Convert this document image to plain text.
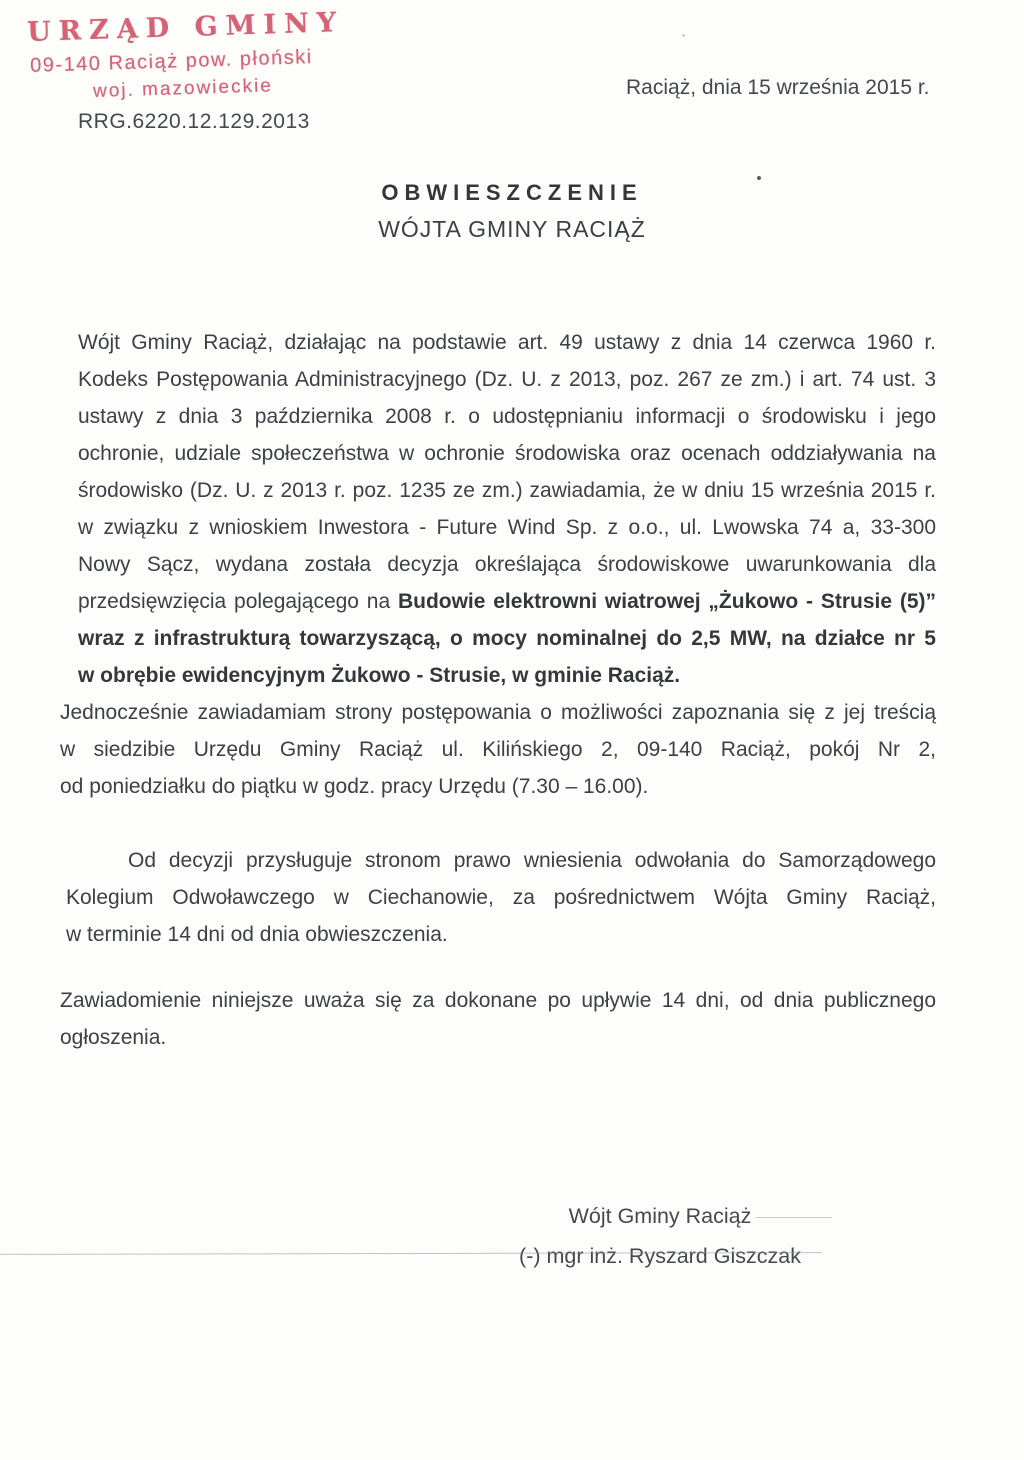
URZĄD GMINY
09-140 Raciąż pow. płoński
woj. mazowieckie
RRG.6220.12.129.2013
Raciąż, dnia 15 września 2015 r.
OBWIESZCZENIE
WÓJTA GMINY RACIĄŻ
Wójt Gminy Raciąż, działając na podstawie art. 49 ustawy z dnia 14 czerwca 1960 r.
Kodeks Postępowania Administracyjnego (Dz. U. z 2013, poz. 267 ze zm.) i art. 74 ust. 3
ustawy z dnia 3 października 2008 r. o udostępnianiu informacji o środowisku i jego
ochronie, udziale społeczeństwa w ochronie środowiska oraz ocenach oddziaływania na
środowisko (Dz. U. z 2013 r. poz. 1235 ze zm.) zawiadamia, że w dniu 15 września 2015 r.
w związku z wnioskiem Inwestora - Future Wind Sp. z o.o., ul. Lwowska 74 a, 33-300
Nowy Sącz, wydana została decyzja określająca środowiskowe uwarunkowania dla
przedsięwzięcia polegającego na Budowie elektrowni wiatrowej „Żukowo - Strusie (5)”
wraz z infrastrukturą towarzyszącą, o mocy nominalnej do 2,5 MW, na działce nr 5
w obrębie ewidencyjnym Żukowo - Strusie, w gminie Raciąż.
Jednocześnie zawiadamiam strony postępowania o możliwości zapoznania się z jej treścią
w siedzibie Urzędu Gminy Raciąż ul. Kilińskiego 2, 09-140 Raciąż, pokój Nr 2,
od poniedziałku do piątku w godz. pracy Urzędu (7.30 – 16.00).
Od decyzji przysługuje stronom prawo wniesienia odwołania do Samorządowego
Kolegium Odwoławczego w Ciechanowie, za pośrednictwem Wójta Gminy Raciąż,
w terminie 14 dni od dnia obwieszczenia.
Zawiadomienie niniejsze uważa się za dokonane po upływie 14 dni, od dnia publicznego
ogłoszenia.
Wójt Gminy Raciąż
(-) mgr inż. Ryszard Giszczak
